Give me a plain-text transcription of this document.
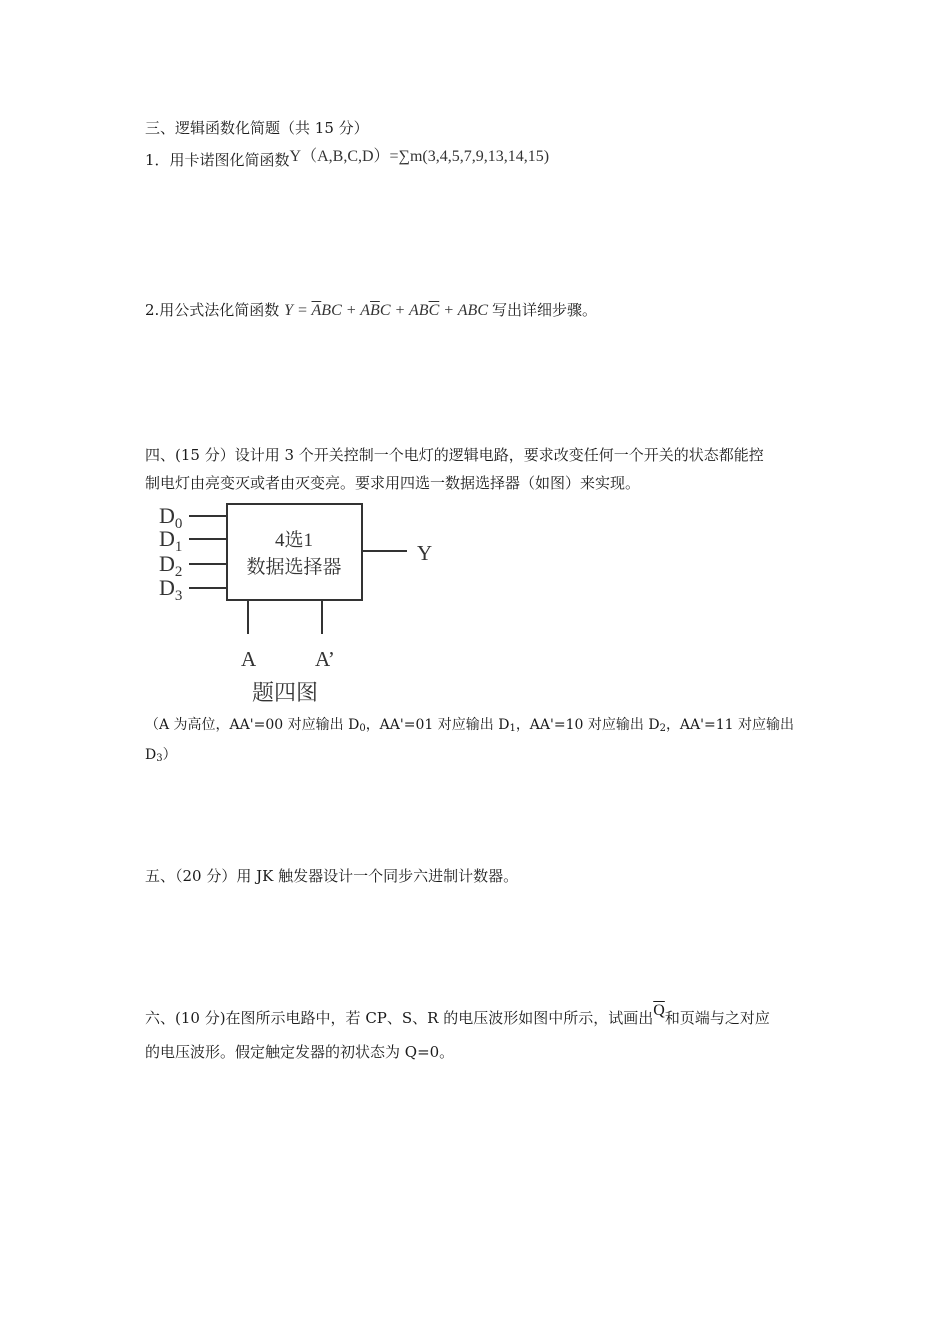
三、逻辑函数化简题（共 15 分）
1．用卡诺图化简函数Y（A,B,C,D）=∑m(3,4,5,7,9,13,14,15)
2.用公式法化简函数 $Y = \overline{A}BC + A\overline{B}C + AB\overline{C}$ + ABC 写出详细步骤。
四、(15 分）设计用 3 个开关控制一个电灯的逻辑电路，要求改变任何一个开关的状态都能控
制电灯由亮变灭或者由灭变亮。要求用四选一数据选择器（如图）来实现。
$D_0$
$D_1$
$D_2$
$D_3$
4选1
数据选择器
Y
A	A’
题四图
（A 为高位，AA'=00 对应输出 $D_0$，AA'=01 对应输出 $D_1$，AA'=10 对应输出 $D_2$，AA'=11 对应输出
$D_3$）
五、（20 分）用 JK 触发器设计一个同步六进制计数器。
六、(10 分)在图所示电路中，若 CP、S、R 的电压波形如图中所示，试画出$\overline{Q}$和页端与之对应
的电压波形。假定触定发器的初状态为 Q=0。
